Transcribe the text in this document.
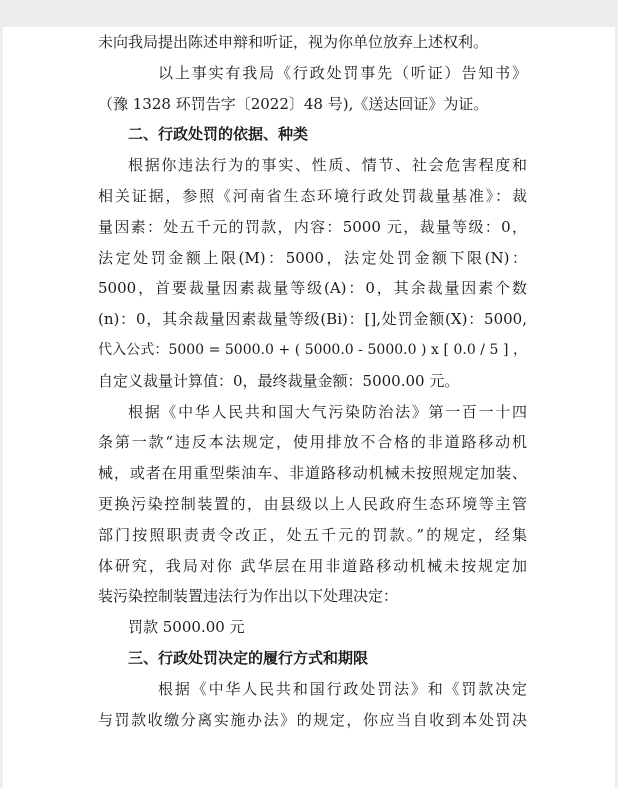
未向我局提出陈述申辩和听证，视为你单位放弃上述权利。
以上事实有我局《行政处罚事先（听证）告知书》
（豫 1328 环罚告字〔2022〕48 号),《送达回证》为证。
二、行政处罚的依据、种类
根据你违法行为的事实、性质、情节、社会危害程度和
相关证据，参照《河南省生态环境行政处罚裁量基准》：裁
量因素：处五千元的罚款，内容：5000 元，裁量等级：0，
法定处罚金额上限(M)：5000，法定处罚金额下限(N)：
5000，首要裁量因素裁量等级(A)：0，其余裁量因素个数
(n)：0，其余裁量因素裁量等级(Bi)：[],处罚金额(X)：5000,
代入公式：5000 = 5000.0 + ( 5000.0 - 5000.0 ) x [ 0.0 / 5 ] ，
自定义裁量计算值：0，最终裁量金额：5000.00 元。
根据《中华人民共和国大气污染防治法》第一百一十四
条第一款“违反本法规定，使用排放不合格的非道路移动机
械，或者在用重型柴油车、非道路移动机械未按照规定加装、
更换污染控制装置的，由县级以上人民政府生态环境等主管
部门按照职责责令改正，处五千元的罚款。”的规定，经集
体研究，我局对你 武华层在用非道路移动机械未按规定加
装污染控制装置违法行为作出以下处理决定：
罚款 5000.00 元
三、行政处罚决定的履行方式和期限
根据《中华人民共和国行政处罚法》和《罚款决定
与罚款收缴分离实施办法》的规定，你应当自收到本处罚决
